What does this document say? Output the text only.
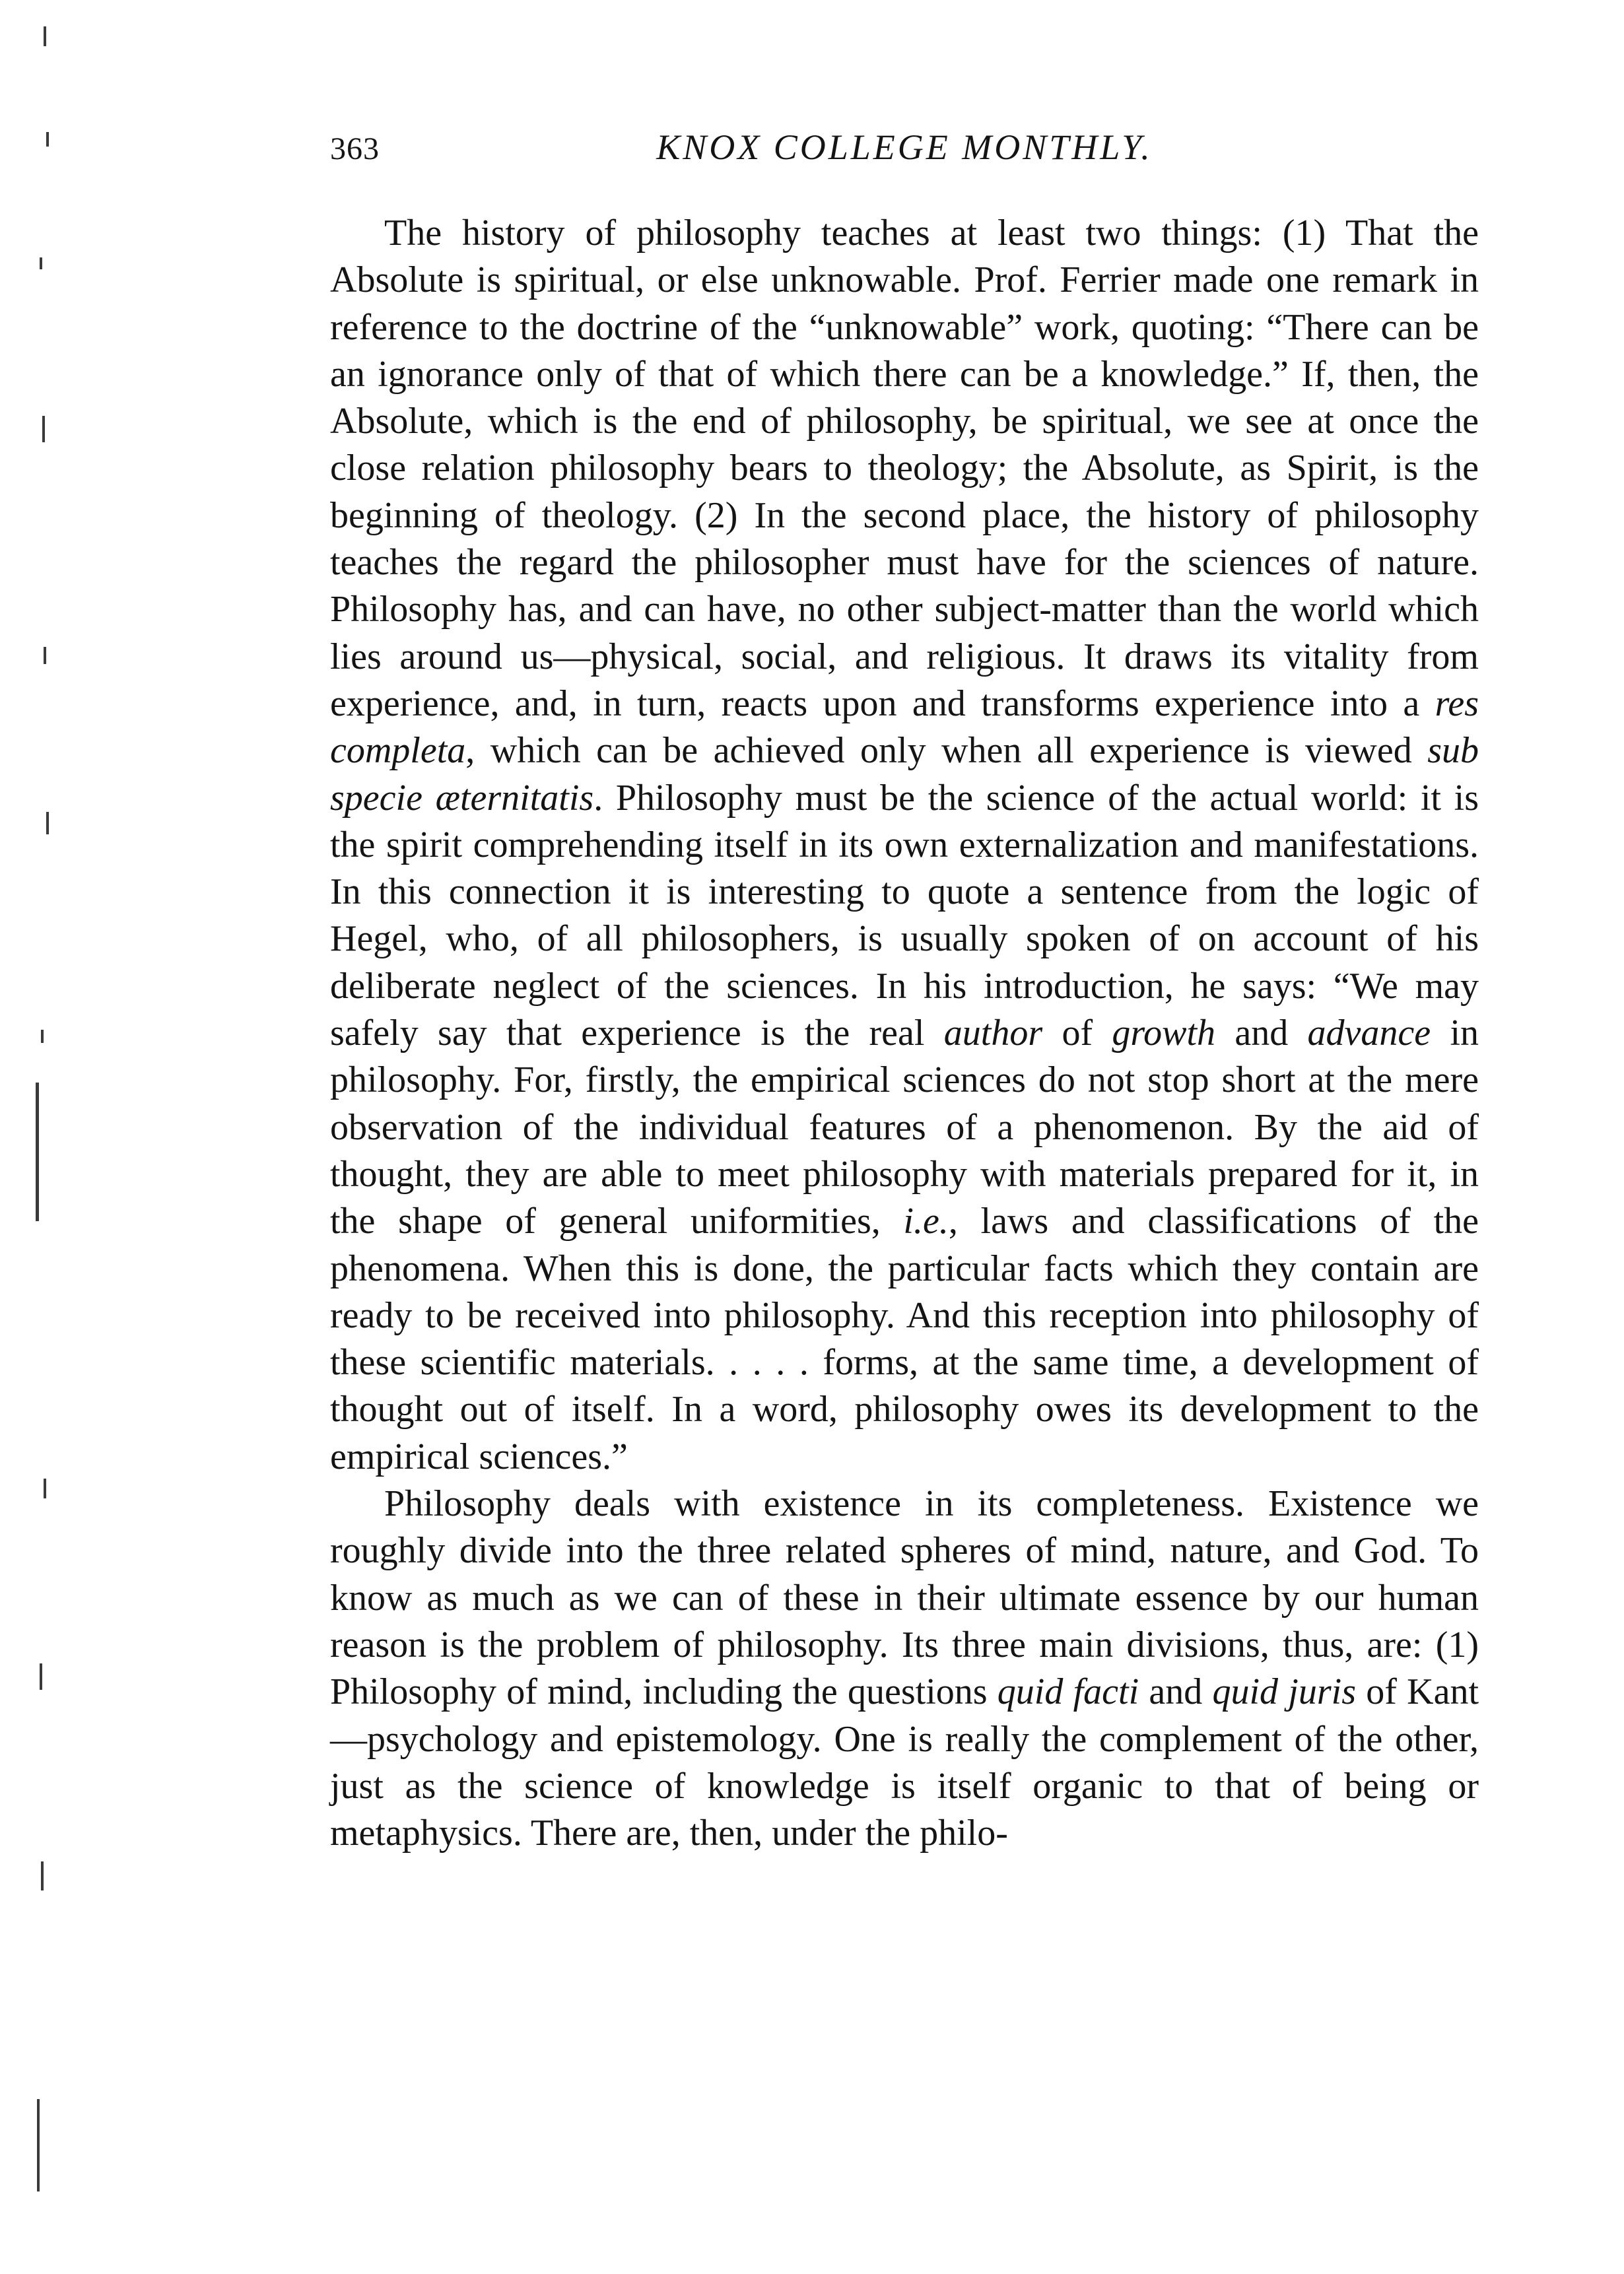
363	KNOX COLLEGE MONTHLY.

The history of philosophy teaches at least two things: (1) That the Absolute is spiritual, or else unknowable. Prof. Ferrier made one remark in reference to the doctrine of the “unknowable” work, quoting: “There can be an ignorance only of that of which there can be a knowledge.” If, then, the Absolute, which is the end of philosophy, be spiritual, we see at once the close relation philosophy bears to theology; the Absolute, as Spirit, is the beginning of theology. (2) In the second place, the history of philosophy teaches the regard the philosopher must have for the sciences of nature. Philosophy has, and can have, no other subject-matter than the world which lies around us—physical, social, and religious. It draws its vitality from experience, and, in turn, reacts upon and transforms experience into a res completa, which can be achieved only when all experience is viewed sub specie æternitatis. Philosophy must be the science of the actual world: it is the spirit comprehending itself in its own externalization and manifestations. In this connection it is interesting to quote a sentence from the logic of Hegel, who, of all philosophers, is usually spoken of on account of his deliberate neglect of the sciences. In his introduction, he says: “We may safely say that experience is the real author of growth and advance in philosophy. For, firstly, the empirical sciences do not stop short at the mere observation of the individual features of a phenomenon. By the aid of thought, they are able to meet philosophy with materials prepared for it, in the shape of general uniformities, i.e., laws and classifications of the phenomena. When this is done, the particular facts which they contain are ready to be received into philosophy. And this reception into philosophy of these scientific materials. . . . . forms, at the same time, a development of thought out of itself. In a word, philosophy owes its development to the empirical sciences.”

Philosophy deals with existence in its completeness. Existence we roughly divide into the three related spheres of mind, nature, and God. To know as much as we can of these in their ultimate essence by our human reason is the problem of philosophy. Its three main divisions, thus, are: (1) Philosophy of mind, including the questions quid facti and quid juris of Kant—psychology and epistemology. One is really the complement of the other, just as the science of knowledge is itself organic to that of being or metaphysics. There are, then, under the philo-
